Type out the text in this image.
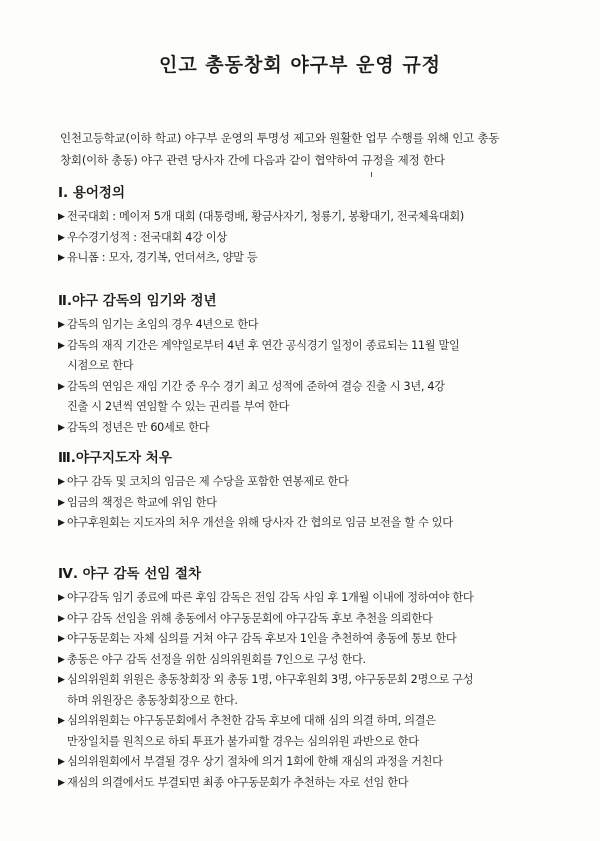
인고 총동창회 야구부 운영 규정
인천고등학교(이하 학교) 야구부 운영의 투명성 제고와 원활한 업무 수행를 위해 인고 총동
창회(이하 총동) 야구 관련 당사자 간에 다음과 같이 협약하여 규정을 제정 한다
Ⅰ. 용어정의
▶ 전국대회 : 메이저 5개 대회 (대통령배, 황금사자기, 청룡기, 봉황대기, 전국체육대회)
▶ 우수경기성적 : 전국대회 4강 이상
▶ 유니폼 : 모자, 경기복, 언더셔츠, 양말 등
Ⅱ.야구 감독의 임기와 정년
▶ 감독의 임기는 초임의 경우 4년으로 한다
▶ 감독의 재직 기간은 계약일로부터 4년 후 연간 공식경기 일정이 종료되는 11월 말일
시점으로 한다
▶ 감독의 연임은 재임 기간 중 우수 경기 최고 성적에 준하여 결승 진출 시 3년, 4강
진출 시 2년씩 연임할 수 있는 권리를 부여 한다
▶ 감독의 정년은 만 60세로 한다
Ⅲ.야구지도자 처우
▶ 야구 감독 및 코치의 임금은 제 수당을 포함한 연봉제로 한다
▶ 임금의 책정은 학교에 위임 한다
▶ 야구후원회는 지도자의 처우 개선을 위해 당사자 간 협의로 임금 보전을 할 수 있다
Ⅳ. 야구 감독 선임 절차
▶ 야구감독 임기 종료에 따른 후임 감독은 전임 감독 사임 후 1개월 이내에 정하여야 한다
▶ 야구 감독 선임을 위해 총동에서 야구동문회에 야구감독 후보 추천을 의뢰한다
▶ 야구동문회는 자체 심의를 거쳐 야구 감독 후보자 1인을 추천하여 총동에 통보 한다
▶ 총동은 야구 감독 선정을 위한 심의위원회를 7인으로 구성 한다.
▶ 심의위원회 위원은 총동창회장 외 총동 1명, 야구후원회 3명, 야구동문회 2명으로 구성
하며 위원장은 총동창회장으로 한다.
▶ 심의위원회는 야구동문회에서 추천한 감독 후보에 대해 심의 의결 하며, 의결은
만장일치를 원칙으로 하되 투표가 불가피할 경우는 심의위원 과반으로 한다
▶ 심의위원회에서 부결될 경우 상기 절차에 의거 1회에 한해 재심의 과정을 거친다
▶ 재심의 의결에서도 부결되면 최종 야구동문회가 추천하는 자로 선임 한다
